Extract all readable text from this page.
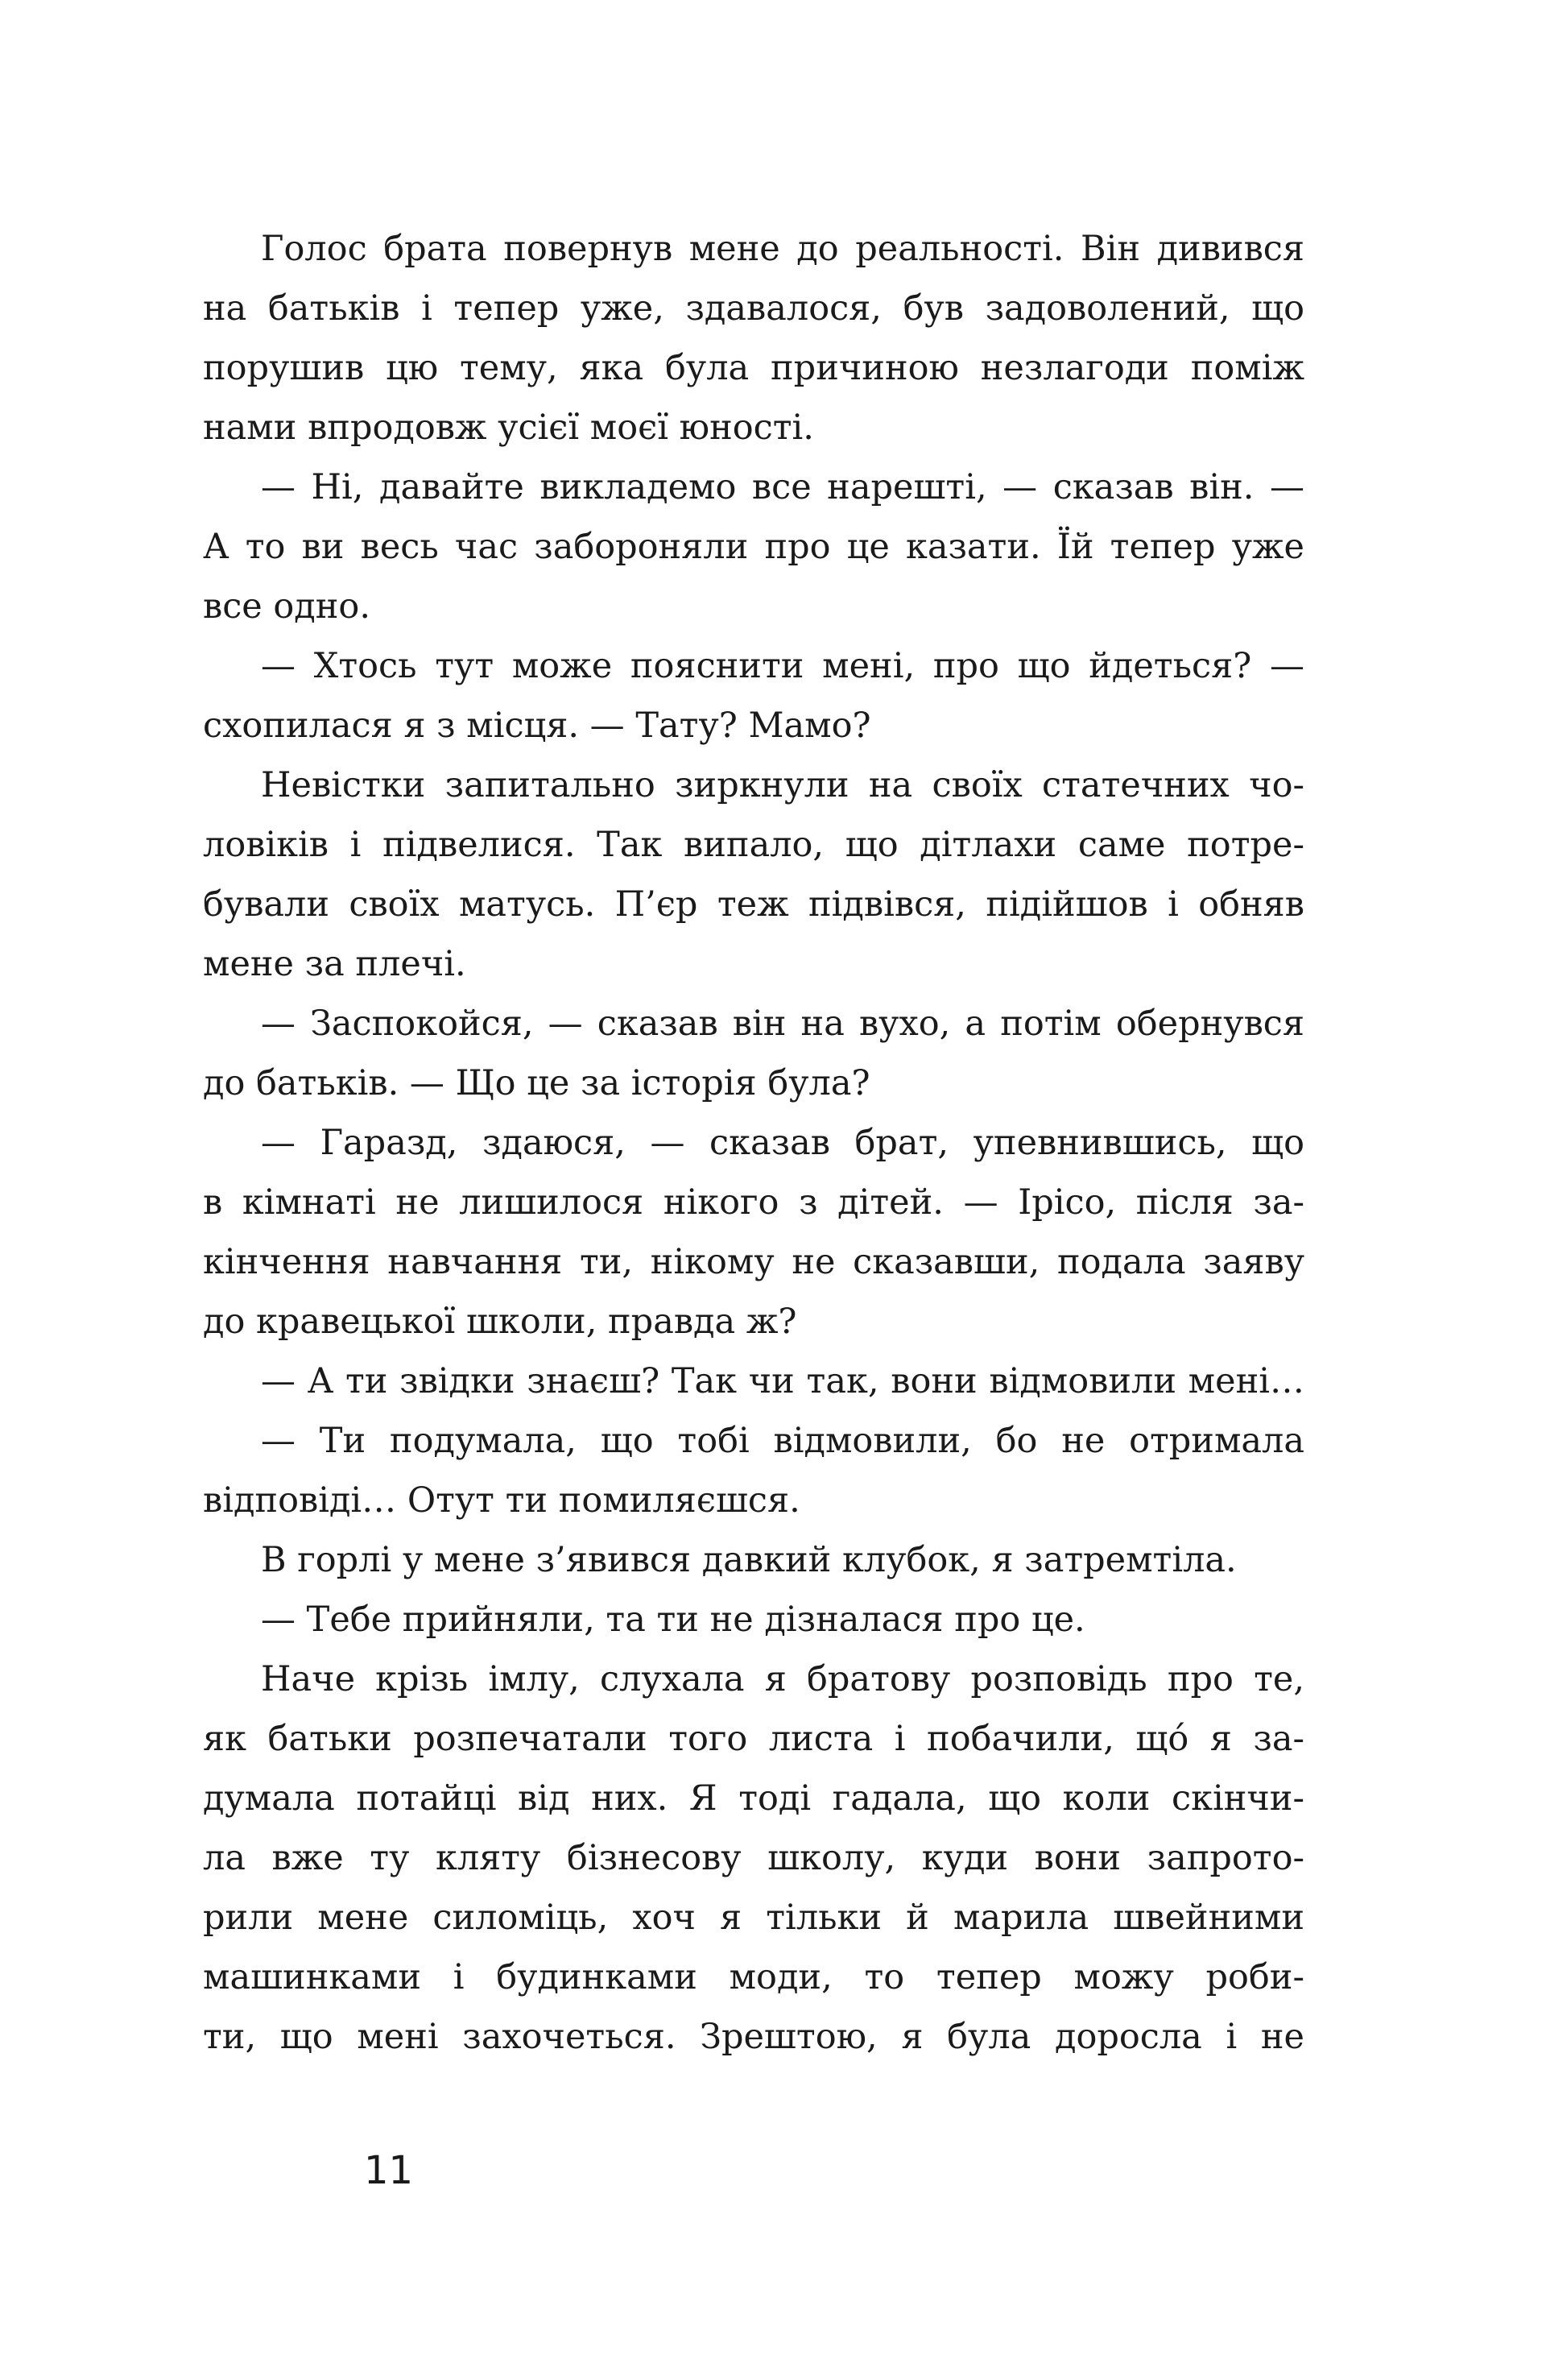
Голос брата повернув мене до реальності. Він дивився
на батьків і тепер уже, здавалося, був задоволений, що
порушив цю тему, яка була причиною незлагоди поміж
нами впродовж усієї моєї юності.
— Ні, давайте викладемо все нарешті, — сказав він. —
А то ви весь час забороняли про це казати. Їй тепер уже
все одно.
— Хтось тут може пояснити мені, про що йдеться? —
схопилася я з місця. — Тату? Мамо?
Невістки запитально зиркнули на своїх статечних чо-
ловіків і підвелися. Так випало, що дітлахи саме потре-
бували своїх матусь. П’єр теж підвівся, підійшов і обняв
мене за плечі.
— Заспокойся, — сказав він на вухо, а потім обернувся
до батьків. — Що це за історія була?
— Гаразд, здаюся, — сказав брат, упевнившись, що
в кімнаті не лишилося нікого з дітей. — Ірісо, після за-
кінчення навчання ти, нікому не сказавши, подала заяву
до кравецької школи, правда ж?
— А ти звідки знаєш? Так чи так, вони відмовили мені…
— Ти подумала, що тобі відмовили, бо не отримала
відповіді… Отут ти помиляєшся.
В горлі у мене з’явився давкий клубок, я затремтіла.
— Тебе прийняли, та ти не дізналася про це.
Наче крізь імлу, слухала я братову розповідь про те,
як батьки розпечатали того листа і побачили, що́ я за-
думала потайці від них. Я тоді гадала, що коли скінчи-
ла вже ту кляту бізнесову школу, куди вони запрото-
рили мене силоміць, хоч я тільки й марила швейними
машинками і будинками моди, то тепер можу роби-
ти, що мені захочеться. Зрештою, я була доросла і не
11
